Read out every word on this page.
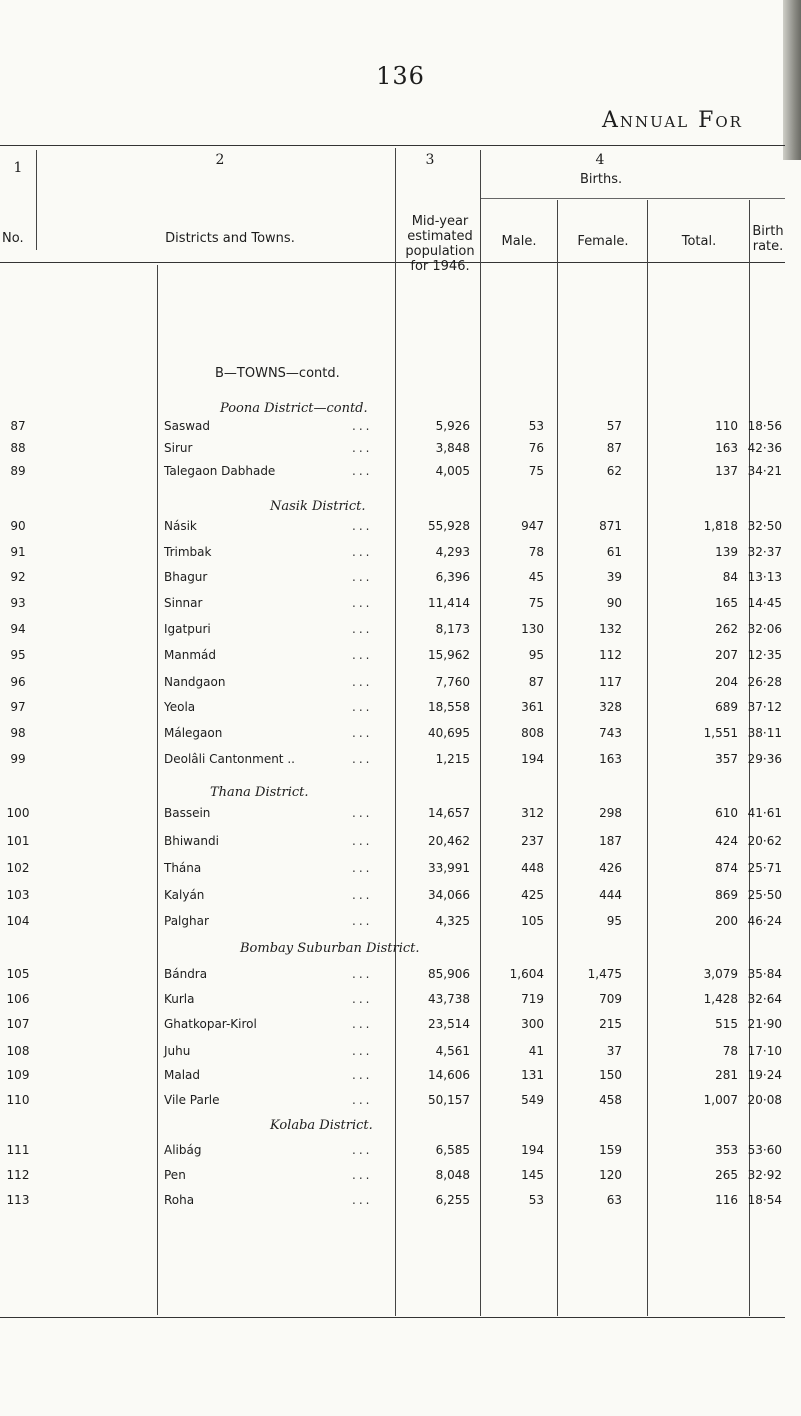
136
Annual For
1	2	3	4
Births.
No.	Districts and Towns.
Mid-year estimated population for 1946.
Male.	Female.	Total.
Birth rate.
B—TOWNS—contd.
Poona District—contd.
87	Saswad	...	5,926	53	57	110 18·56
88	Sirur	...	3,848	76	87	163 42·36
89	Talegaon Dabhade	...	4,005	75	62	137 34·21
Nasik District.
90	Násik	...	55,928	947	871	1,818 32·50
91	Trimbak	...	4,293	78	61	139 32·37
92	Bhagur	...	6,396	45	39	84 13·13
93	Sinnar	...	11,414	75	90	165 14·45
94	Igatpuri	...	8,173	130	132	262 32·06
95	Manmád	...	15,962	95	112	207 12·35
96	Nandgaon	...	7,760	87	117	204 26·28
97	Yeola	...	18,558	361	328	689 37·12
98	Málegaon	...	40,695	808	743	1,551 38·11
99	Deolâli Cantonment ..	...	1,215	194	163	357 29·36
Thana District.
100	Bassein	...	14,657	312	298	610 41·61
101	Bhiwandi	...	20,462	237	187	424 20·62
102	Thána	...	33,991	448	426	874 25·71
103	Kalyán	...	34,066	425	444	869 25·50
104	Palghar	...	4,325	105	95	200 46·24
Bombay Suburban District.
105	Bándra	...	85,906	1,604	1,475	3,079 35·84
106	Kurla	...	43,738	719	709	1,428 32·64
107	Ghatkopar-Kirol	...	23,514	300	215	515 21·90
108	Juhu	...	4,561	41	37	78 17·10
109	Malad	...	14,606	131	150	281 19·24
110	Vile Parle	...	50,157	549	458	1,007 20·08
Kolaba District.
111	Alibág	...	6,585	194	159	353 53·60
112	Pen	...	8,048	145	120	265 32·92
113	Roha	...	6,255	53	63	116 18·54
